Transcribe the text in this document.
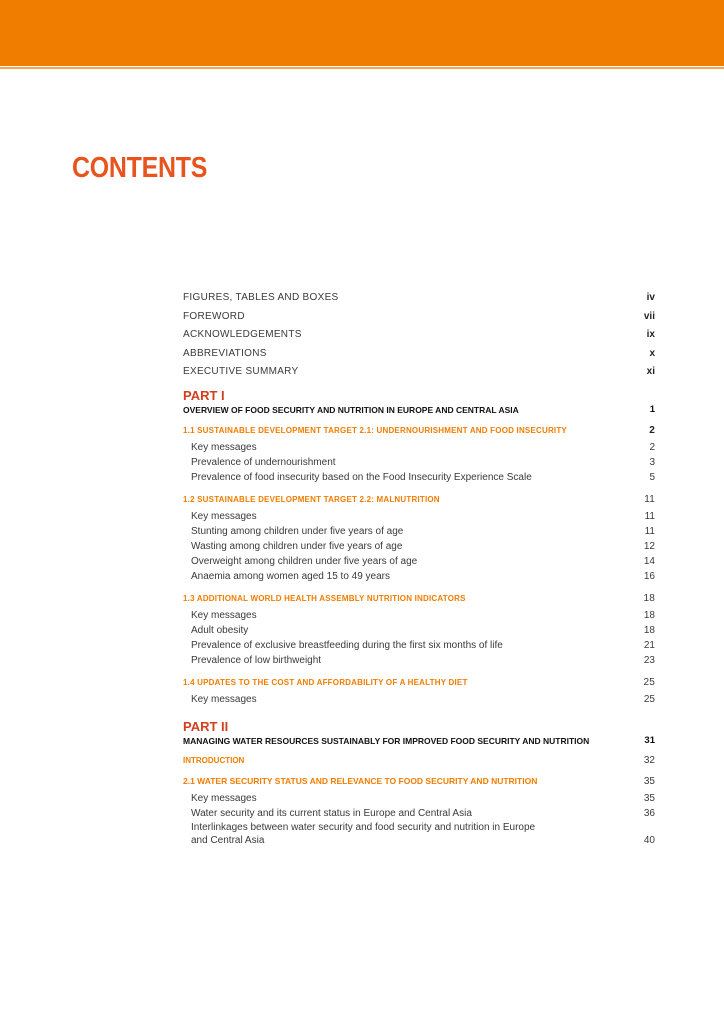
CONTENTS
FIGURES, TABLES AND BOXES	iv
FOREWORD	vii
ACKNOWLEDGEMENTS	ix
ABBREVIATIONS	x
EXECUTIVE SUMMARY	xi
PART I
OVERVIEW OF FOOD SECURITY AND NUTRITION IN EUROPE AND CENTRAL ASIA	1
1.1 SUSTAINABLE DEVELOPMENT TARGET 2.1: UNDERNOURISHMENT AND FOOD INSECURITY	2
Key messages	2
Prevalence of undernourishment	3
Prevalence of food insecurity based on the Food Insecurity Experience Scale	5
1.2 SUSTAINABLE DEVELOPMENT TARGET 2.2: MALNUTRITION	11
Key messages	11
Stunting among children under five years of age	11
Wasting among children under five years of age	12
Overweight among children under five years of age	14
Anaemia among women aged 15 to 49 years	16
1.3 ADDITIONAL WORLD HEALTH ASSEMBLY NUTRITION INDICATORS	18
Key messages	18
Adult obesity	18
Prevalence of exclusive breastfeeding during the first six months of life	21
Prevalence of low birthweight	23
1.4 UPDATES TO THE COST AND AFFORDABILITY OF A HEALTHY DIET	25
Key messages	25
PART II
MANAGING WATER RESOURCES SUSTAINABLY FOR IMPROVED FOOD SECURITY AND NUTRITION	31
INTRODUCTION	32
2.1 WATER SECURITY STATUS AND RELEVANCE TO FOOD SECURITY AND NUTRITION	35
Key messages	35
Water security and its current status in Europe and Central Asia	36
Interlinkages between water security and food security and nutrition in Europe
and Central Asia	40
